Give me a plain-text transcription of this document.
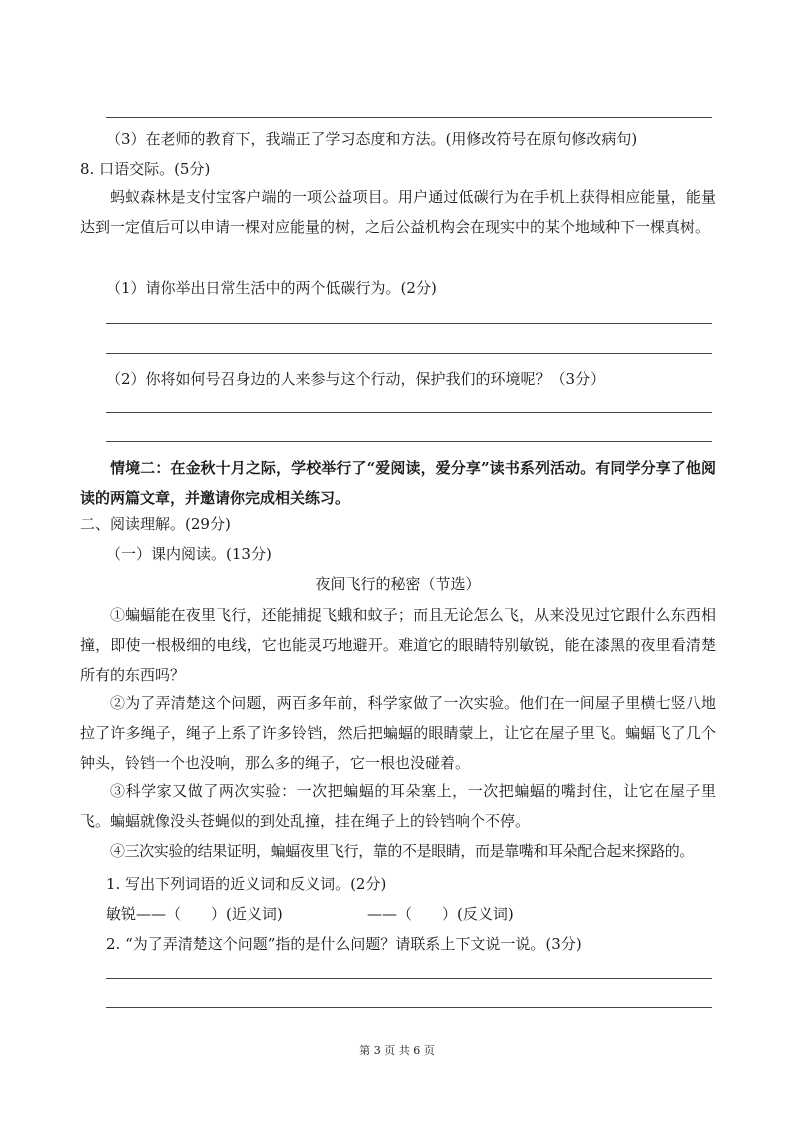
（3）在老师的教育下，我端正了学习态度和方法。(用修改符号在原句修改病句)
8. 口语交际。(5分)
蚂蚁森林是支付宝客户端的一项公益项目。用户通过低碳行为在手机上获得相应能量，能量达到一定值后可以申请一棵对应能量的树，之后公益机构会在现实中的某个地域种下一棵真树。
（1）请你举出日常生活中的两个低碳行为。(2分)
（2）你将如何号召身边的人来参与这个行动，保护我们的环境呢？（3分）
情境二：在金秋十月之际，学校举行了“爱阅读，爱分享”读书系列活动。有同学分享了他阅读的两篇文章，并邀请你完成相关练习。
二、阅读理解。(29分)
（一）课内阅读。(13分)
夜间飞行的秘密（节选）
①蝙蝠能在夜里飞行，还能捕捉飞蛾和蚊子；而且无论怎么飞，从来没见过它跟什么东西相撞，即使一根极细的电线，它也能灵巧地避开。难道它的眼睛特别敏锐，能在漆黑的夜里看清楚所有的东西吗？
②为了弄清楚这个问题，两百多年前，科学家做了一次实验。他们在一间屋子里横七竖八地拉了许多绳子，绳子上系了许多铃铛，然后把蝙蝠的眼睛蒙上，让它在屋子里飞。蝙蝠飞了几个钟头，铃铛一个也没响，那么多的绳子，它一根也没碰着。
③科学家又做了两次实验：一次把蝙蝠的耳朵塞上，一次把蝙蝠的嘴封住，让它在屋子里飞。蝙蝠就像没头苍蝇似的到处乱撞，挂在绳子上的铃铛响个不停。
④三次实验的结果证明，蝙蝠夜里飞行，靠的不是眼睛，而是靠嘴和耳朵配合起来探路的。
1. 写出下列词语的近义词和反义词。(2分)
敏锐——（　　）(近义词)	——（　　）(反义词)
2. “为了弄清楚这个问题”指的是什么问题？请联系上下文说一说。(3分)
第 3 页 共 6 页
